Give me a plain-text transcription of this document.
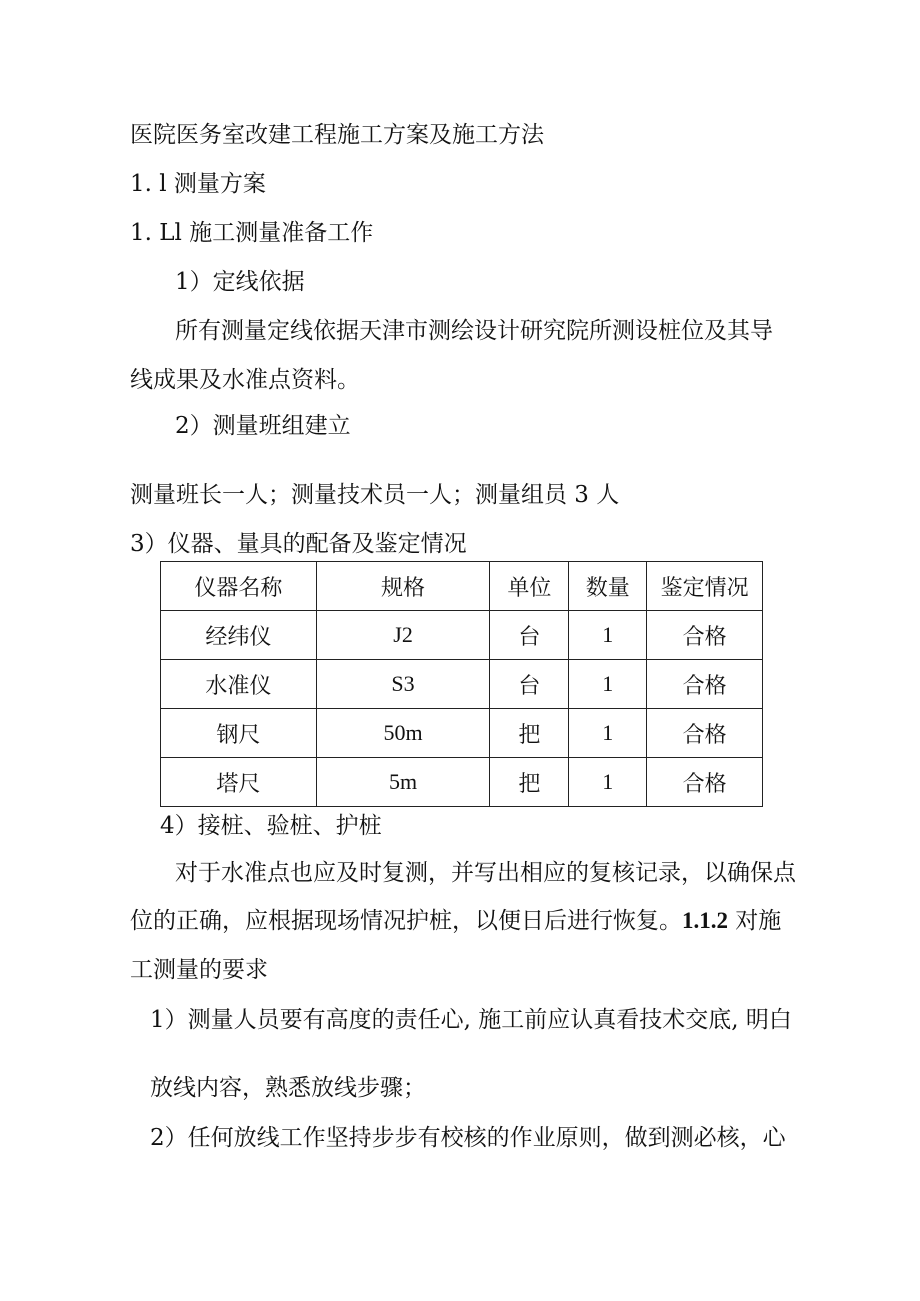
医院医务室改建工程施工方案及施工方法
1. l 测量方案
1. Ll 施工测量准备工作
1）定线依据
所有测量定线依据天津市测绘设计研究院所测设桩位及其导
线成果及水准点资料。
2）测量班组建立
测量班长一人；测量技术员一人；测量组员 3 人
3）仪器、量具的配备及鉴定情况
仪器名称	规格	单位	数量	鉴定情况
经纬仪	J2	台	1	合格
水准仪	S3	台	1	合格
钢尺	50m	把	1	合格
塔尺	5m	把	1	合格
4）接桩、验桩、护桩
对于水准点也应及时复测，并写出相应的复核记录，以确保点
位的正确，应根据现场情况护桩，以便日后进行恢复。1.1.2 对施
工测量的要求
1）测量人员要有高度的责任心, 施工前应认真看技术交底, 明白
放线内容，熟悉放线步骤；
2）任何放线工作坚持步步有校核的作业原则，做到测必核，心
